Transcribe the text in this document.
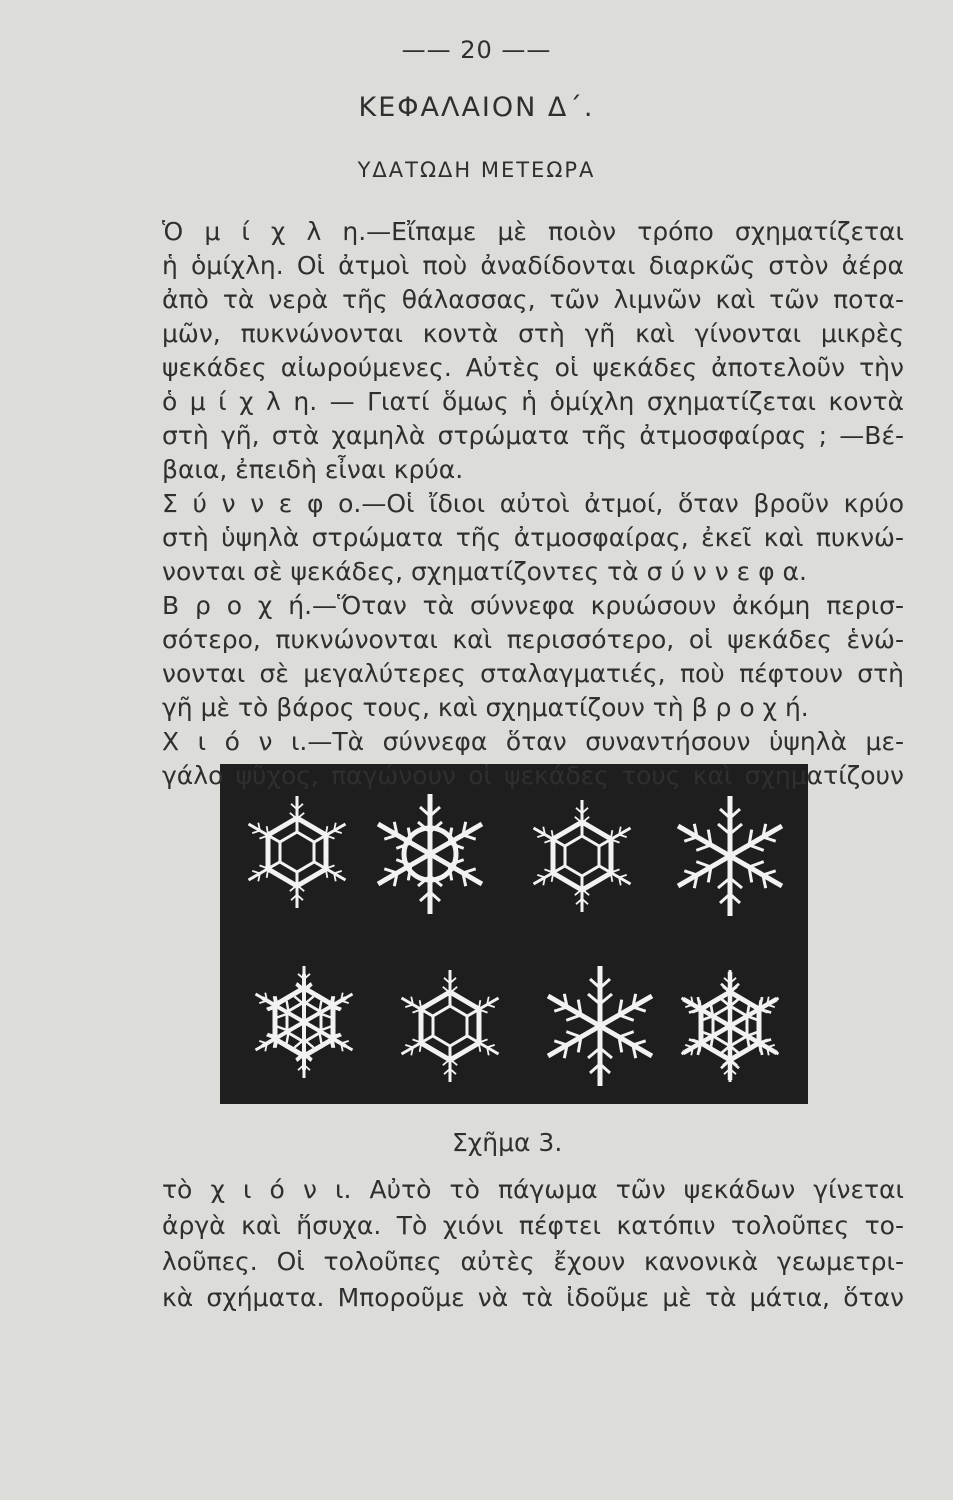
—— 20 ——
ΚΕΦΑΛΑΙΟΝ Δ΄.
ΥΔΑΤΩΔΗ ΜΕΤΕΩΡΑ
Ὁ μ ί χ λ η.—Εἴπαμε μὲ ποιὸν τρόπο σχηματίζεται
ἡ ὁμίχλη. Οἱ ἀτμοὶ ποὺ ἀναδίδονται διαρκῶς στὸν ἀέρα
ἀπὸ τὰ νερὰ τῆς θάλασσας, τῶν λιμνῶν καὶ τῶν ποτα-
μῶν, πυκνώνονται κοντὰ στὴ γῆ καὶ γίνονται μικρὲς
ψεκάδες αἰωρούμενες. Αὐτὲς οἱ ψεκάδες ἀποτελοῦν τὴν
ὁ μ ί χ λ η. — Γιατί ὅμως ἡ ὁμίχλη σχηματίζεται κοντὰ
στὴ γῆ, στὰ χαμηλὰ στρώματα τῆς ἀτμοσφαίρας ; —Βέ-
βαια, ἐπειδὴ εἶναι κρύα.
Σ ύ ν ν ε φ ο.—Οἱ ἴδιοι αὐτοὶ ἀτμοί, ὅταν βροῦν κρύο
στὴ ὑψηλὰ στρώματα τῆς ἀτμοσφαίρας, ἐκεῖ καὶ πυκνώ-
νονται σὲ ψεκάδες, σχηματίζοντες τὰ σ ύ ν ν ε φ α.
Β ρ ο χ ή.—Ὅταν τὰ σύννεφα κρυώσουν ἀκόμη περισ-
σότερο, πυκνώνονται καὶ περισσότερο, οἱ ψεκάδες ἑνώ-
νονται σὲ μεγαλύτερες σταλαγματιές, ποὺ πέφτουν στὴ
γῆ μὲ τὸ βάρος τους, καὶ σχηματίζουν τὴ β ρ ο χ ή.
Σχῆμα 3.
τὸ χ ι ό ν ι. Αὐτὸ τὸ πάγωμα τῶν ψεκάδων γίνεται
ἀργὰ καὶ ἥσυχα. Τὸ χιόνι πέφτει κατόπιν τολοῦπες το-
λοῦπες. Οἱ τολοῦπες αὐτὲς ἔχουν κανονικὰ γεωμετρι-
κὰ σχήματα. Μποροῦμε νὰ τὰ ἰδοῦμε μὲ τὰ μάτια, ὅταν
Χ ι ό ν ι.—Τὰ σύννεφα ὅταν συναντήσουν ὑψηλὰ με-
γάλο ψῦχος, παγώνουν οἱ ψεκάδες τους καὶ σχηματίζουν
